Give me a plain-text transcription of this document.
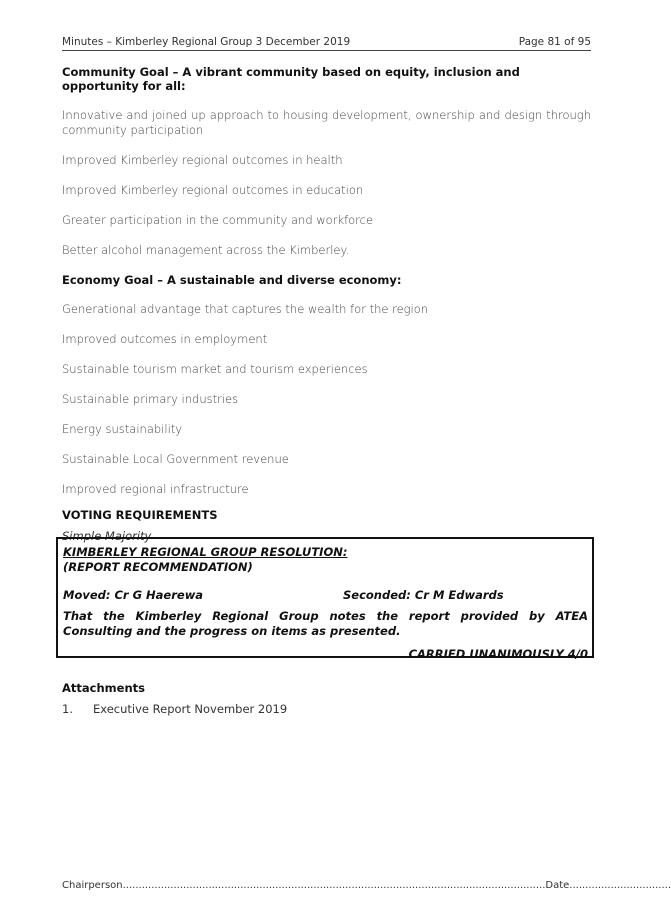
Minutes – Kimberley Regional Group 3 December 2019	Page 81 of 95

Community Goal – A vibrant community based on equity, inclusion and opportunity for all:

Innovative and joined up approach to housing development, ownership and design through community participation

Improved Kimberley regional outcomes in health

Improved Kimberley regional outcomes in education

Greater participation in the community and workforce

Better alcohol management across the Kimberley.

Economy Goal – A sustainable and diverse economy:

Generational advantage that captures the wealth for the region

Improved outcomes in employment

Sustainable tourism market and tourism experiences

Sustainable primary industries

Energy sustainability

Sustainable Local Government revenue

Improved regional infrastructure

VOTING REQUIREMENTS

Simple Majority

KIMBERLEY REGIONAL GROUP RESOLUTION:
(REPORT RECOMMENDATION)
Moved: Cr G Haerewa	Seconded: Cr M Edwards
That the Kimberley Regional Group notes the report provided by ATEA Consulting and the progress on items as presented.
CARRIED UNANIMOUSLY 4/0
Attachments
1.	Executive Report November 2019
Chairperson.....................................................................................................................................Date................................
